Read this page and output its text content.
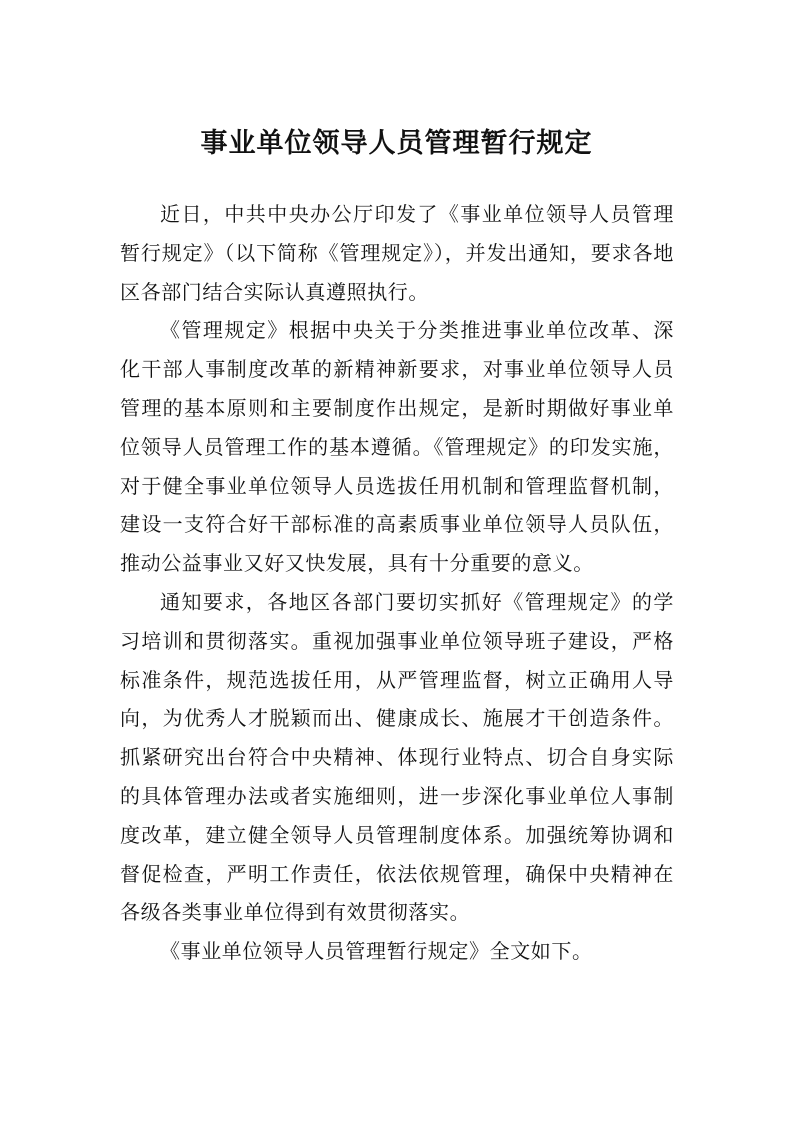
事业单位领导人员管理暂行规定

近日，中共中央办公厅印发了《事业单位领导人员管理暂行规定》（以下简称《管理规定》），并发出通知，要求各地区各部门结合实际认真遵照执行。

《管理规定》根据中央关于分类推进事业单位改革、深化干部人事制度改革的新精神新要求，对事业单位领导人员管理的基本原则和主要制度作出规定，是新时期做好事业单位领导人员管理工作的基本遵循。《管理规定》的印发实施，对于健全事业单位领导人员选拔任用机制和管理监督机制，建设一支符合好干部标准的高素质事业单位领导人员队伍，推动公益事业又好又快发展，具有十分重要的意义。

通知要求，各地区各部门要切实抓好《管理规定》的学习培训和贯彻落实。重视加强事业单位领导班子建设，严格标准条件，规范选拔任用，从严管理监督，树立正确用人导向，为优秀人才脱颖而出、健康成长、施展才干创造条件。抓紧研究出台符合中央精神、体现行业特点、切合自身实际的具体管理办法或者实施细则，进一步深化事业单位人事制度改革，建立健全领导人员管理制度体系。加强统筹协调和督促检查，严明工作责任，依法依规管理，确保中央精神在各级各类事业单位得到有效贯彻落实。

《事业单位领导人员管理暂行规定》全文如下。
